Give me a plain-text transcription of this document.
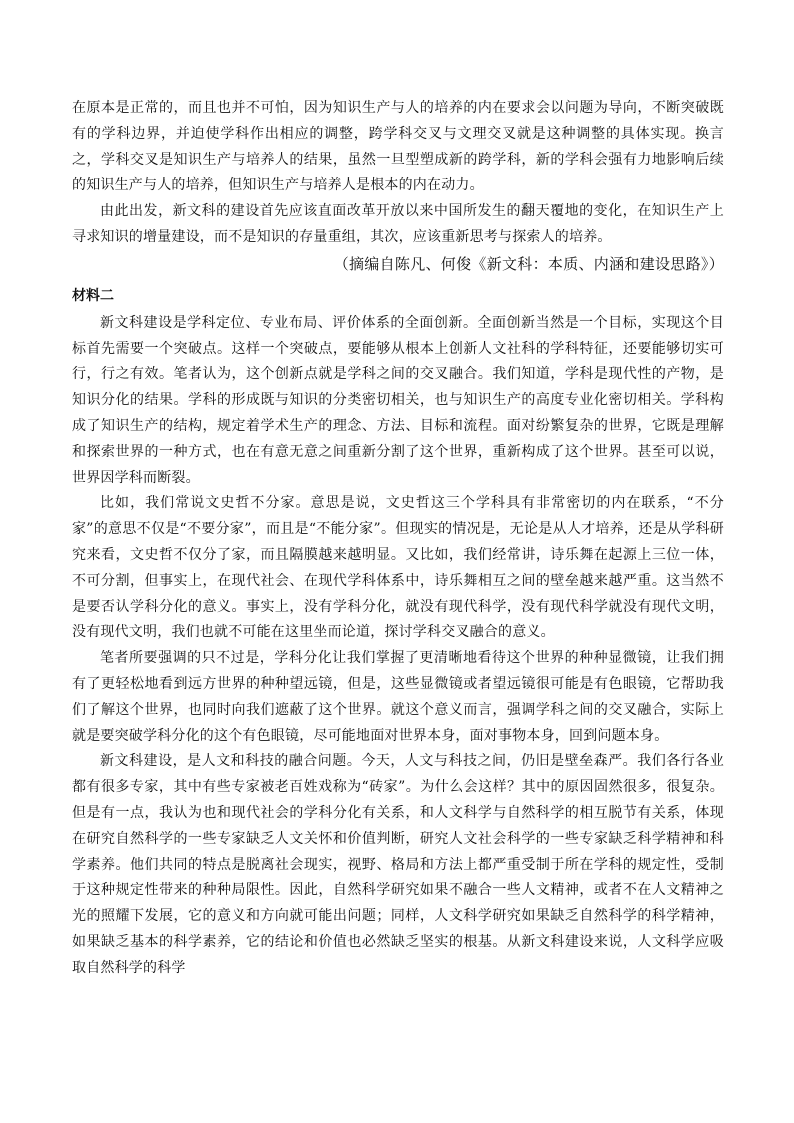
在原本是正常的，而且也并不可怕，因为知识生产与人的培养的内在要求会以问题为导向，不断突破既有的学科边界，并迫使学科作出相应的调整，跨学科交叉与文理交叉就是这种调整的具体实现。换言之，学科交叉是知识生产与培养人的结果，虽然一旦型塑成新的跨学科，新的学科会强有力地影响后续的知识生产与人的培养，但知识生产与培养人是根本的内在动力。

由此出发，新文科的建设首先应该直面改革开放以来中国所发生的翻天覆地的变化，在知识生产上寻求知识的增量建设，而不是知识的存量重组，其次，应该重新思考与探索人的培养。

（摘编自陈凡、何俊《新文科：本质、内涵和建设思路》）

材料二

新文科建设是学科定位、专业布局、评价体系的全面创新。全面创新当然是一个目标，实现这个目标首先需要一个突破点。这样一个突破点，要能够从根本上创新人文社科的学科特征，还要能够切实可行，行之有效。笔者认为，这个创新点就是学科之间的交叉融合。我们知道，学科是现代性的产物，是知识分化的结果。学科的形成既与知识的分类密切相关，也与知识生产的高度专业化密切相关。学科构成了知识生产的结构，规定着学术生产的理念、方法、目标和流程。面对纷繁复杂的世界，它既是理解和探索世界的一种方式，也在有意无意之间重新分割了这个世界，重新构成了这个世界。甚至可以说，世界因学科而断裂。

比如，我们常说文史哲不分家。意思是说，文史哲这三个学科具有非常密切的内在联系，“不分家”的意思不仅是“不要分家”，而且是“不能分家”。但现实的情况是，无论是从人才培养，还是从学科研究来看，文史哲不仅分了家，而且隔膜越来越明显。又比如，我们经常讲，诗乐舞在起源上三位一体，不可分割，但事实上，在现代社会、在现代学科体系中，诗乐舞相互之间的壁垒越来越严重。这当然不是要否认学科分化的意义。事实上，没有学科分化，就没有现代科学，没有现代科学就没有现代文明，没有现代文明，我们也就不可能在这里坐而论道，探讨学科交叉融合的意义。

笔者所要强调的只不过是，学科分化让我们掌握了更清晰地看待这个世界的种种显微镜，让我们拥有了更轻松地看到远方世界的种种望远镜，但是，这些显微镜或者望远镜很可能是有色眼镜，它帮助我们了解这个世界，也同时向我们遮蔽了这个世界。就这个意义而言，强调学科之间的交叉融合，实际上就是要突破学科分化的这个有色眼镜，尽可能地面对世界本身，面对事物本身，回到问题本身。

新文科建设，是人文和科技的融合问题。今天，人文与科技之间，仍旧是壁垒森严。我们各行各业都有很多专家，其中有些专家被老百姓戏称为“砖家”。为什么会这样？其中的原因固然很多，很复杂。但是有一点，我认为也和现代社会的学科分化有关系，和人文科学与自然科学的相互脱节有关系，体现在研究自然科学的一些专家缺乏人文关怀和价值判断，研究人文社会科学的一些专家缺乏科学精神和科学素养。他们共同的特点是脱离社会现实，视野、格局和方法上都严重受制于所在学科的规定性，受制于这种规定性带来的种种局限性。因此，自然科学研究如果不融合一些人文精神，或者不在人文精神之光的照耀下发展，它的意义和方向就可能出问题；同样，人文科学研究如果缺乏自然科学的科学精神，如果缺乏基本的科学素养，它的结论和价值也必然缺乏坚实的根基。从新文科建设来说，人文科学应吸取自然科学的科学
